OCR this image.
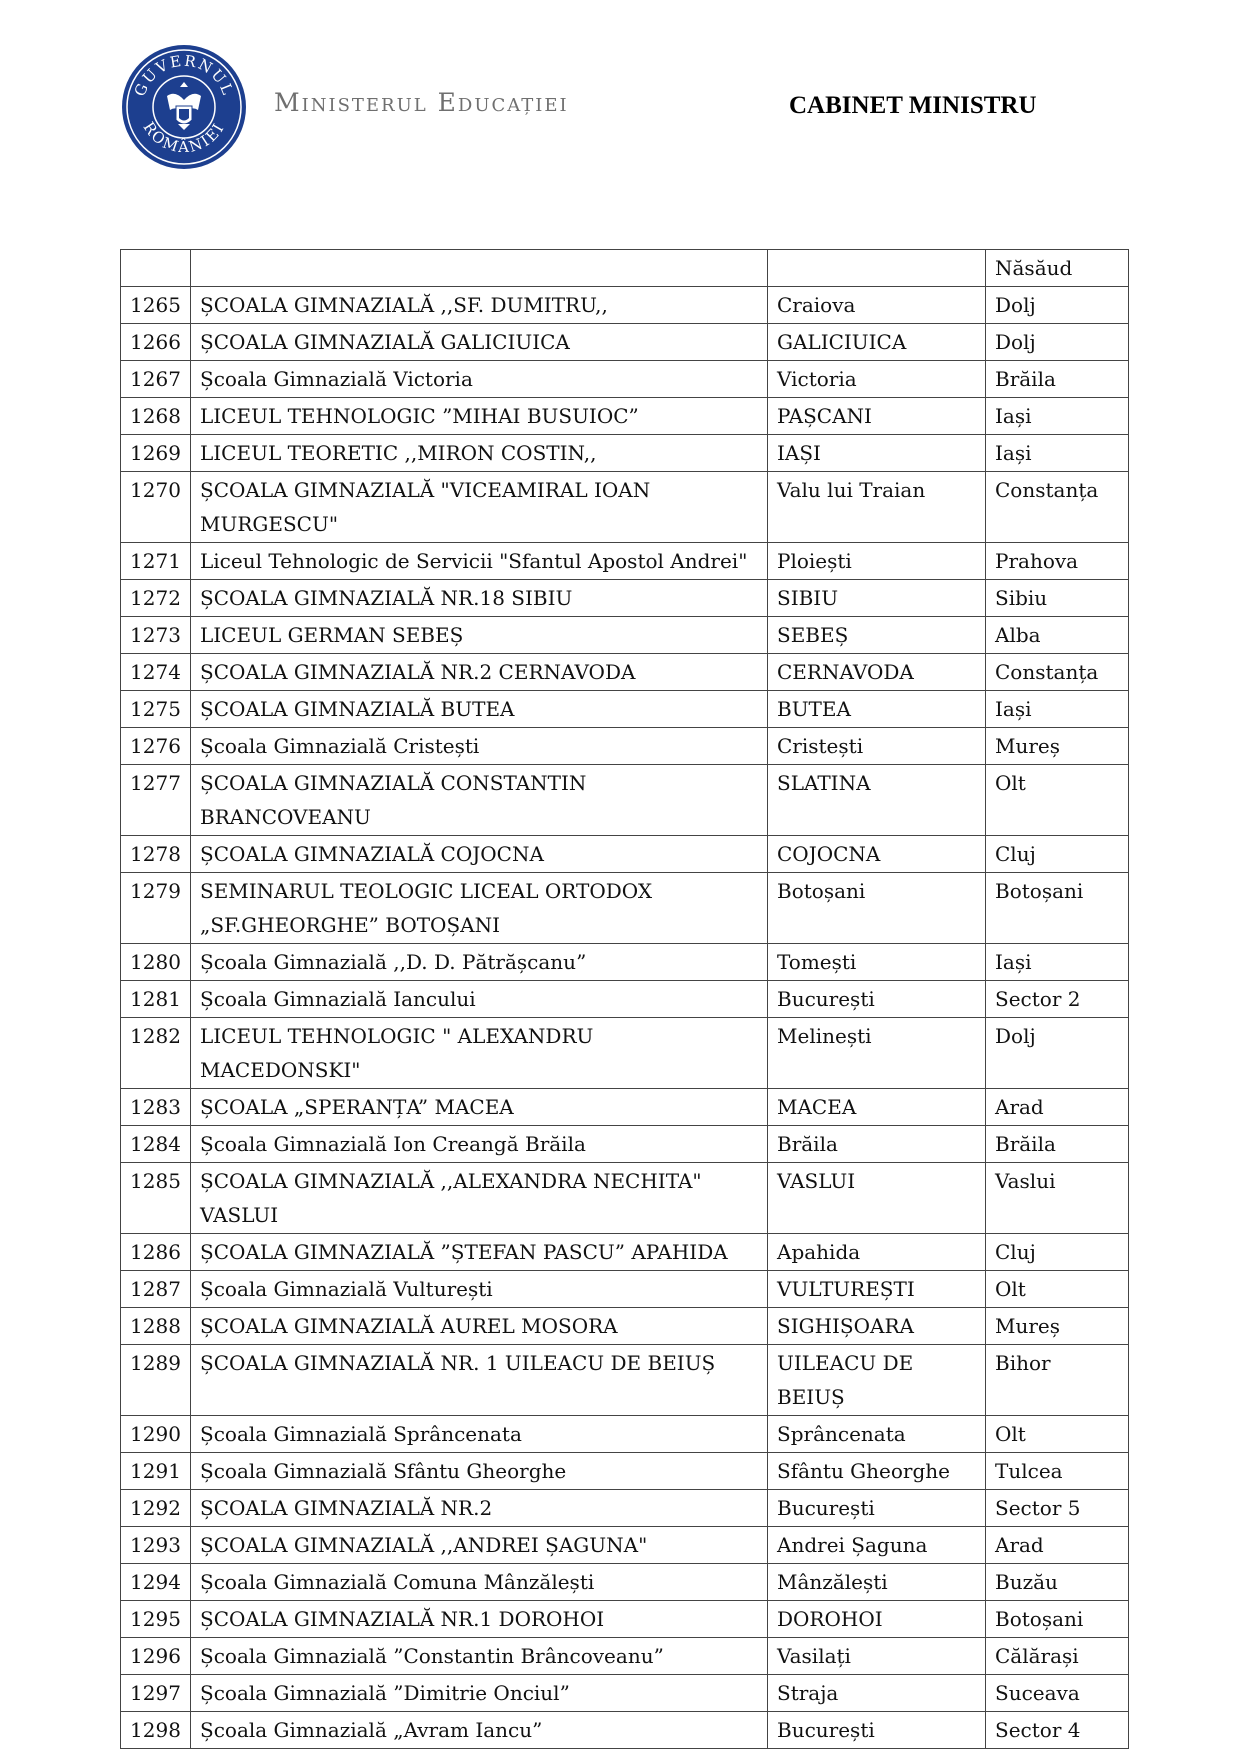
GUVERNUL
ROMÂNIEI
Ministerul Educației	CABINET MINISTRU
			Năsăud
1265	ȘCOALA GIMNAZIALĂ ,,SF. DUMITRU,,	Craiova	Dolj
1266	ȘCOALA GIMNAZIALĂ GALICIUICA	GALICIUICA	Dolj
1267	Școala Gimnazială Victoria	Victoria	Brăila
1268	LICEUL TEHNOLOGIC ”MIHAI BUSUIOC”	PAȘCANI	Iași
1269	LICEUL TEORETIC ,,MIRON COSTIN,,	IAȘI	Iași
1270	ȘCOALA GIMNAZIALĂ "VICEAMIRAL IOAN MURGESCU"	Valu lui Traian	Constanța
1271	Liceul Tehnologic de Servicii "Sfantul Apostol Andrei"	Ploiești	Prahova
1272	ȘCOALA GIMNAZIALĂ NR.18 SIBIU	SIBIU	Sibiu
1273	LICEUL GERMAN SEBEȘ	SEBEȘ	Alba
1274	ȘCOALA GIMNAZIALĂ NR.2 CERNAVODA	CERNAVODA	Constanța
1275	ȘCOALA GIMNAZIALĂ BUTEA	BUTEA	Iași
1276	Școala Gimnazială Cristești	Cristești	Mureș
1277	ȘCOALA GIMNAZIALĂ CONSTANTIN BRANCOVEANU	SLATINA	Olt
1278	ȘCOALA GIMNAZIALĂ COJOCNA	COJOCNA	Cluj
1279	SEMINARUL TEOLOGIC LICEAL ORTODOX „SF.GHEORGHE” BOTOȘANI	Botoșani	Botoșani
1280	Școala Gimnazială ,,D. D. Pătrășcanu”	Tomești	Iași
1281	Școala Gimnazială Iancului	București	Sector 2
1282	LICEUL TEHNOLOGIC " ALEXANDRU MACEDONSKI"	Melinești	Dolj
1283	ȘCOALA „SPERANȚA” MACEA	MACEA	Arad
1284	Școala Gimnazială Ion Creangă Brăila	Brăila	Brăila
1285	ȘCOALA GIMNAZIALĂ ,,ALEXANDRA NECHITA" VASLUI	VASLUI	Vaslui
1286	ȘCOALA GIMNAZIALĂ ”ȘTEFAN PASCU” APAHIDA	Apahida	Cluj
1287	Școala Gimnazială Vulturești	VULTUREȘTI	Olt
1288	ȘCOALA GIMNAZIALĂ AUREL MOSORA	SIGHIȘOARA	Mureș
1289	ȘCOALA GIMNAZIALĂ NR. 1 UILEACU DE BEIUȘ	UILEACU DE BEIUȘ	Bihor
1290	Școala Gimnazială Sprâncenata	Sprâncenata	Olt
1291	Școala Gimnazială Sfântu Gheorghe	Sfântu Gheorghe	Tulcea
1292	ȘCOALA GIMNAZIALĂ NR.2	București	Sector 5
1293	ȘCOALA GIMNAZIALĂ ,,ANDREI ȘAGUNA"	Andrei Șaguna	Arad
1294	Școala Gimnazială Comuna Mânzălești	Mânzălești	Buzău
1295	ȘCOALA GIMNAZIALĂ NR.1 DOROHOI	DOROHOI	Botoșani
1296	Școala Gimnazială ”Constantin Brâncoveanu”	Vasilați	Călărași
1297	Școala Gimnazială ”Dimitrie Onciul”	Straja	Suceava
1298	Școala Gimnazială „Avram Iancu”	București	Sector 4
